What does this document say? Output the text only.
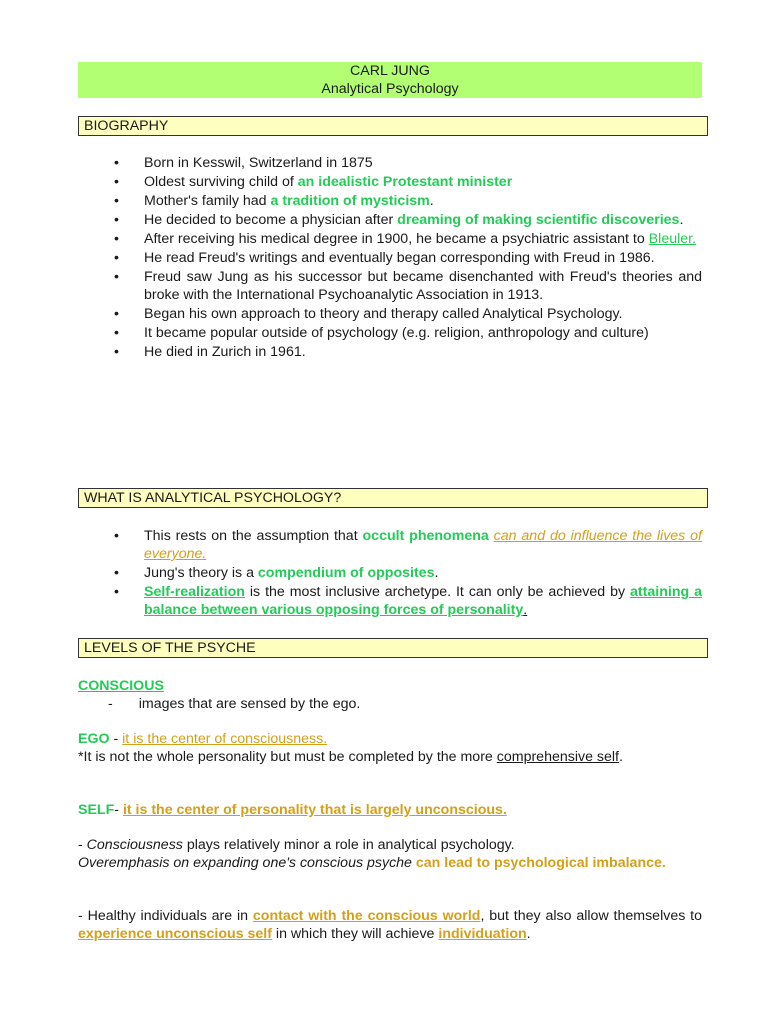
CARL JUNG
Analytical Psychology
BIOGRAPHY
• Born in Kesswil, Switzerland in 1875
• Oldest surviving child of an idealistic Protestant minister
• Mother's family had a tradition of mysticism.
• He decided to become a physician after dreaming of making scientific discoveries.
• After receiving his medical degree in 1900, he became a psychiatric assistant to Bleuler.
• He read Freud's writings and eventually began corresponding with Freud in 1986.
• Freud saw Jung as his successor but became disenchanted with Freud's theories and broke with the International Psychoanalytic Association in 1913.
• Began his own approach to theory and therapy called Analytical Psychology.
• It became popular outside of psychology (e.g. religion, anthropology and culture)
• He died in Zurich in 1961.
WHAT IS ANALYTICAL PSYCHOLOGY?
• This rests on the assumption that occult phenomena can and do influence the lives of everyone.
• Jung's theory is a compendium of opposites.
• Self-realization is the most inclusive archetype. It can only be achieved by attaining a balance between various opposing forces of personality.
LEVELS OF THE PSYCHE
CONSCIOUS
- images that are sensed by the ego.
EGO - it is the center of consciousness.
*It is not the whole personality but must be completed by the more comprehensive self.
SELF- it is the center of personality that is largely unconscious.
- Consciousness plays relatively minor a role in analytical psychology.
Overemphasis on expanding one's conscious psyche can lead to psychological imbalance.
- Healthy individuals are in contact with the conscious world, but they also allow themselves to experience unconscious self in which they will achieve individuation.
